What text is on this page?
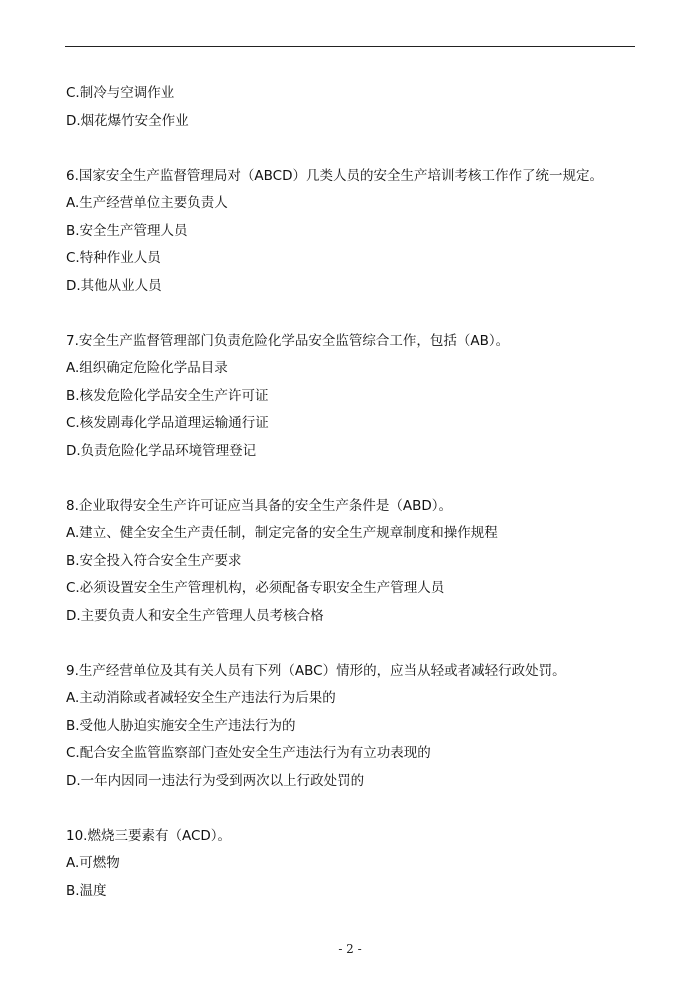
C.制冷与空调作业
D.烟花爆竹安全作业
6.国家安全生产监督管理局对（ABCD）几类人员的安全生产培训考核工作作了统一规定。
A.生产经营单位主要负责人
B.安全生产管理人员
C.特种作业人员
D.其他从业人员
7.安全生产监督管理部门负责危险化学品安全监管综合工作，包括（AB）。
A.组织确定危险化学品目录
B.核发危险化学品安全生产许可证
C.核发剧毒化学品道理运输通行证
D.负责危险化学品环境管理登记
8.企业取得安全生产许可证应当具备的安全生产条件是（ABD）。
A.建立、健全安全生产责任制，制定完备的安全生产规章制度和操作规程
B.安全投入符合安全生产要求
C.必须设置安全生产管理机构，必须配备专职安全生产管理人员
D.主要负责人和安全生产管理人员考核合格
9.生产经营单位及其有关人员有下列（ABC）情形的，应当从轻或者减轻行政处罚。
A.主动消除或者减轻安全生产违法行为后果的
B.受他人胁迫实施安全生产违法行为的
C.配合安全监管监察部门查处安全生产违法行为有立功表现的
D.一年内因同一违法行为受到两次以上行政处罚的
10.燃烧三要素有（ACD）。
A.可燃物
B.温度
- 2 -
